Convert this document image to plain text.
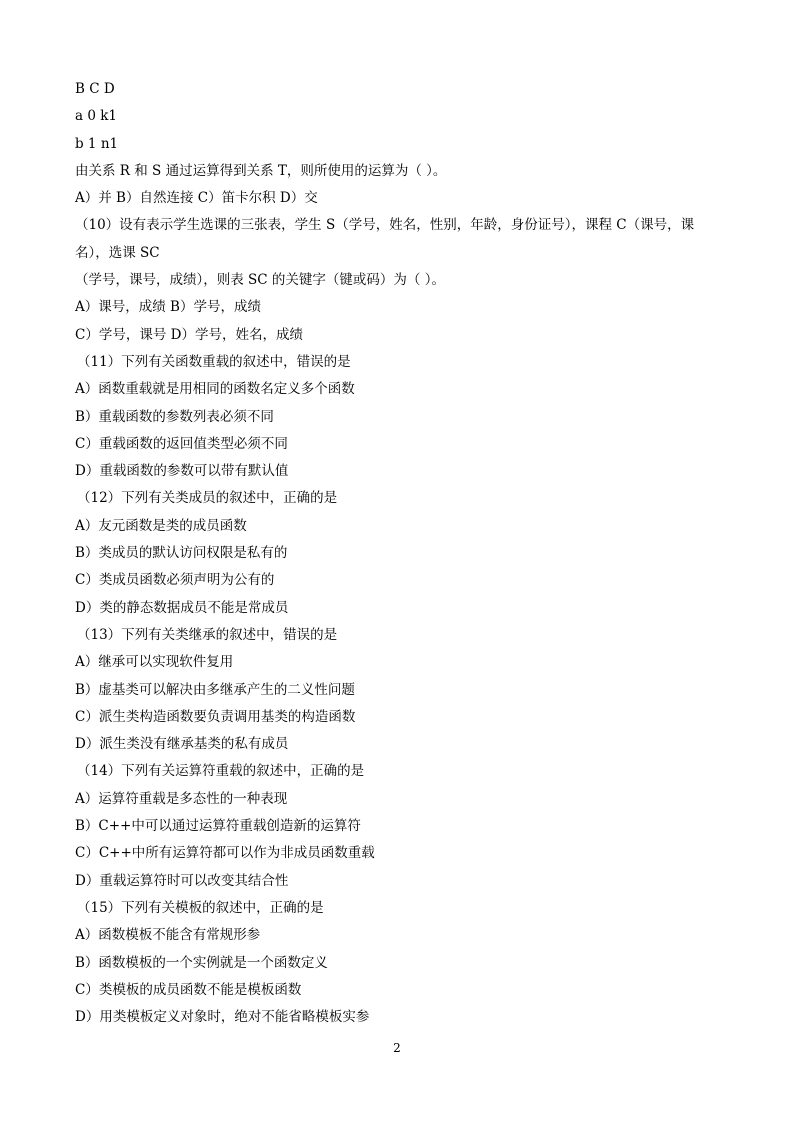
B C D
a 0 k1
b 1 n1
由关系 R 和 S 通过运算得到关系 T，则所使用的运算为（ ）。
A）并 B）自然连接 C）笛卡尔积 D）交
（10）设有表示学生选课的三张表，学生 S（学号，姓名，性别，年龄，身份证号），课程 C（课号，课
名），选课 SC
（学号，课号，成绩），则表 SC 的关键字（键或码）为（ ）。
A）课号，成绩 B）学号，成绩
C）学号，课号 D）学号，姓名，成绩
（11）下列有关函数重载的叙述中，错误的是
A）函数重载就是用相同的函数名定义多个函数
B）重载函数的参数列表必须不同
C）重载函数的返回值类型必须不同
D）重载函数的参数可以带有默认值
（12）下列有关类成员的叙述中，正确的是
A）友元函数是类的成员函数
B）类成员的默认访问权限是私有的
C）类成员函数必须声明为公有的
D）类的静态数据成员不能是常成员
（13）下列有关类继承的叙述中，错误的是
A）继承可以实现软件复用
B）虚基类可以解决由多继承产生的二义性问题
C）派生类构造函数要负责调用基类的构造函数
D）派生类没有继承基类的私有成员
（14）下列有关运算符重载的叙述中，正确的是
A）运算符重载是多态性的一种表现
B）C++中可以通过运算符重载创造新的运算符
C）C++中所有运算符都可以作为非成员函数重载
D）重载运算符时可以改变其结合性
（15）下列有关模板的叙述中，正确的是
A）函数模板不能含有常规形参
B）函数模板的一个实例就是一个函数定义
C）类模板的成员函数不能是模板函数
D）用类模板定义对象时，绝对不能省略模板实参
2
